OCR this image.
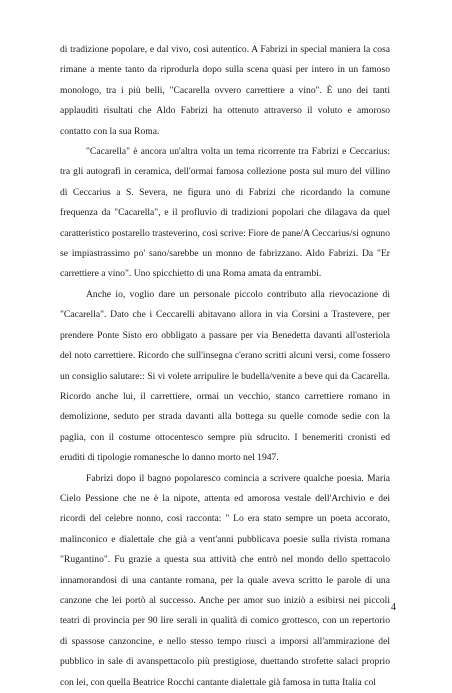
di tradizione popolare, e dal vivo, così autentico. A Fabrizi in special maniera la cosa rimane a mente tanto da riprodurla dopo sulla scena quasi per intero in un famoso monologo, tra i più belli, "Cacarella ovvero carrettiere a vino". È uno dei tanti applauditi risultati che Aldo Fabrizi ha ottenuto attraverso il voluto e amoroso contatto con la sua Roma.

"Cacarella" è ancora un'altra volta un tema ricorrente tra Fabrizi e Ceccarius: tra gli autografi in ceramica, dell'ormai famosa collezione posta sul muro del villino di Ceccarius a S. Severa, ne figura uno di Fabrizi che ricordando la comune frequenza da "Cacarella", e il profluvio di tradizioni popolari che dilagava da quel caratteristico postarello trasteverino, così scrive: Fiore de pane/A Ceccarius/si ognuno se impiastrassimo po' sano/sarebbe un monno de fabrizzano. Aldo Fabrizi. Da "Er carrettiere a vino". Uno spicchietto di una Roma amata da entrambi.

Anche io, voglio dare un personale piccolo contributo alla rievocazione di "Cacarella". Dato che i Ceccarelli abitavano allora in via Corsini a Trastevere, per prendere Ponte Sisto ero obbligato a passare per via Benedetta davanti all'osteriola del noto carrettiere. Ricordo che sull'insegna c'erano scritti alcuni versi, come fossero un consiglio salutare:: Si vi volete arripulire le budella/venite a beve qui da Cacarella. Ricordo anche lui, il carrettiere, ormai un vecchio, stanco carrettiere romano in demolizione, seduto per strada davanti alla bottega su quelle comode sedie con la paglia, con il costume ottocentesco sempre più sdrucito. I benemeriti cronisti ed eruditi di tipologie romanesche lo danno morto nel 1947.

Fabrizi dopo il bagno popolaresco comincia a scrivere qualche poesia. Maria Cielo Pessione che ne è la nipote, attenta ed amorosa vestale dell'Archivio e dei ricordi del celebre nonno, così racconta: " Lo era stato sempre un poeta accorato, malinconico e dialettale che già a vent'anni pubblicava poesie sulla rivista romana "Rugantino". Fu grazie a questa sua attività che entrò nel mondo dello spettacolo innamorandosi di una cantante romana, per la quale aveva scritto le parole di una canzone che lei portò al successo. Anche per amor suo iniziò a esibirsi nei piccoli teatri di provincia per 90 lire serali in qualità di comico grottesco, con un repertorio di spassose canzoncine, e nello stesso tempo riuscì a imporsi all'ammirazione del pubblico in sale di avanspettacolo più prestigiose, duettando strofette salaci proprio con lei, con quella Beatrice Rocchi cantante dialettale già famosa in tutta Italia col

4
